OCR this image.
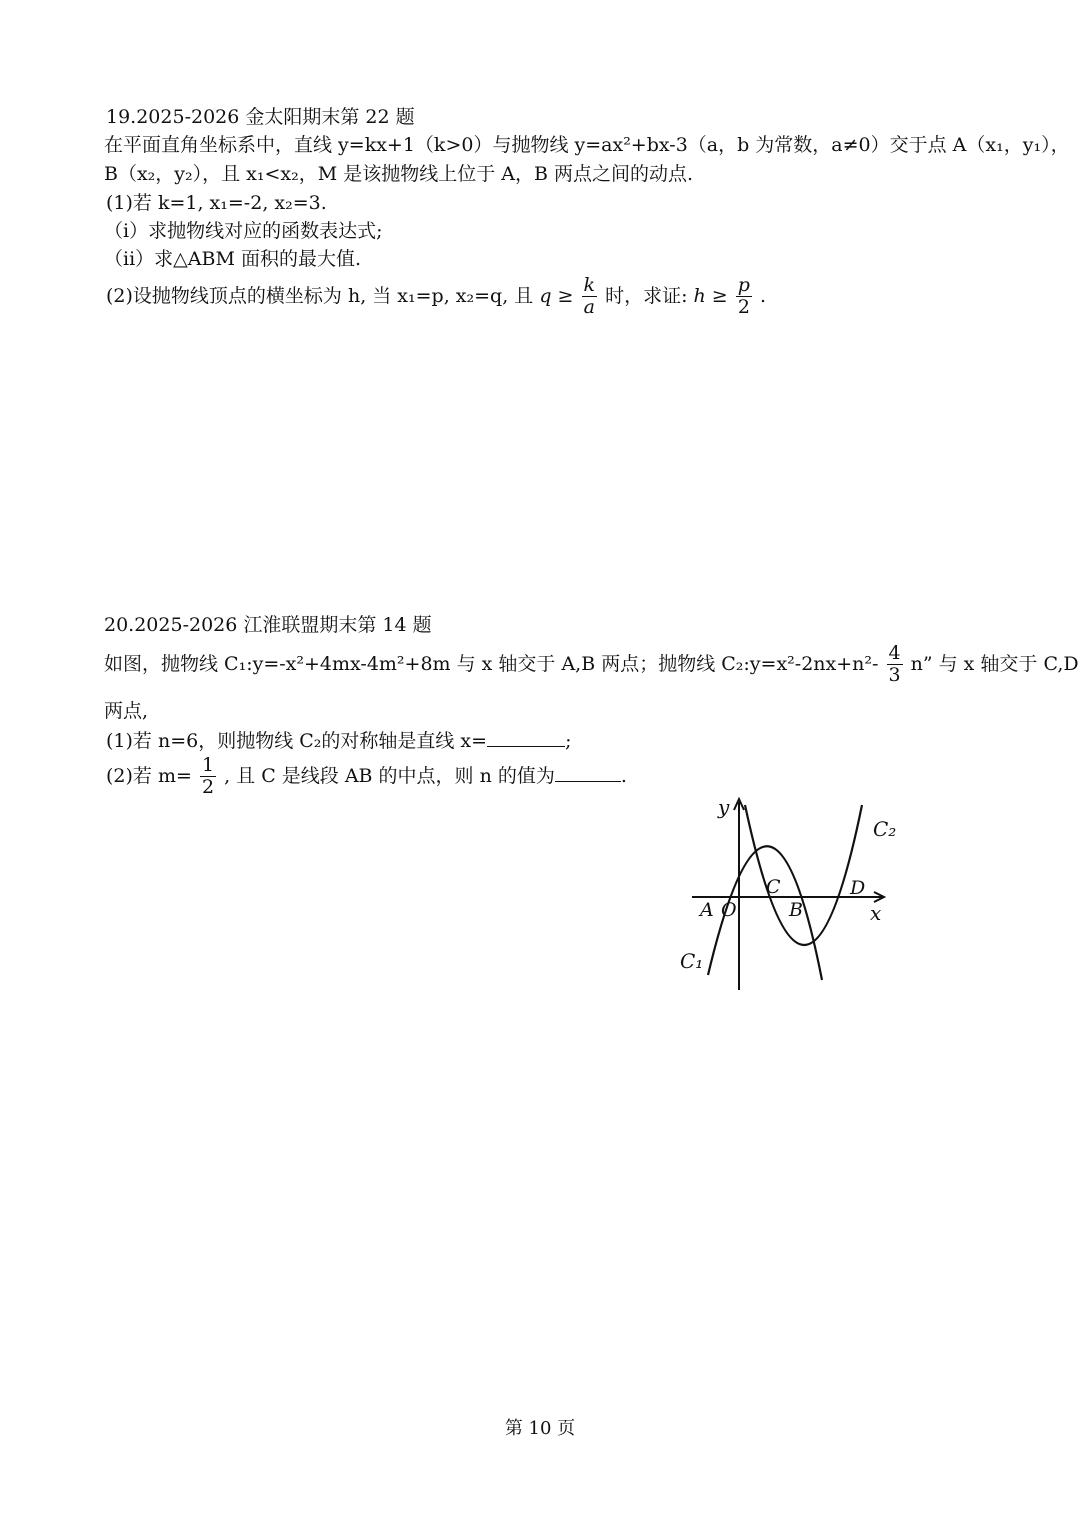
19.2025-2026 金太阳期末第 22 题
在平面直角坐标系中，直线 y=kx+1（k>0）与抛物线 y=ax²+bx-3（a，b 为常数，a≠0）交于点 A（x₁，y₁），
B（x₂，y₂），且 x₁<x₂，M 是该抛物线上位于 A，B 两点之间的动点.
(1)若 k=1, x₁=-2, x₂=3.
（i）求抛物线对应的函数表达式;
（ii）求△ABM 面积的最大值.
(2)设抛物线顶点的横坐标为 h, 当 x₁=p, x₂=q, 且 $q \ge \frac{k}{a}$ 时，求证: $h \ge \frac{p}{2}$ .
20.2025-2026 江淮联盟期末第 14 题
如图，抛物线 C₁:y=-x²+4mx-4m²+8m 与 x 轴交于 A,B 两点；抛物线 C₂:y=x²-2nx+n²- $\frac{4}{3} n$” 与 x 轴交于 C,D
两点,
(1)若 n=6，则抛物线 C₂的对称轴是直线 x=	;
(2)若 $m= \frac{1}{2}$ , 且 C 是线段 AB 的中点，则 n 的值为	.
y
x
O
A	B
C	D
C₁
C₂
第 10 页
